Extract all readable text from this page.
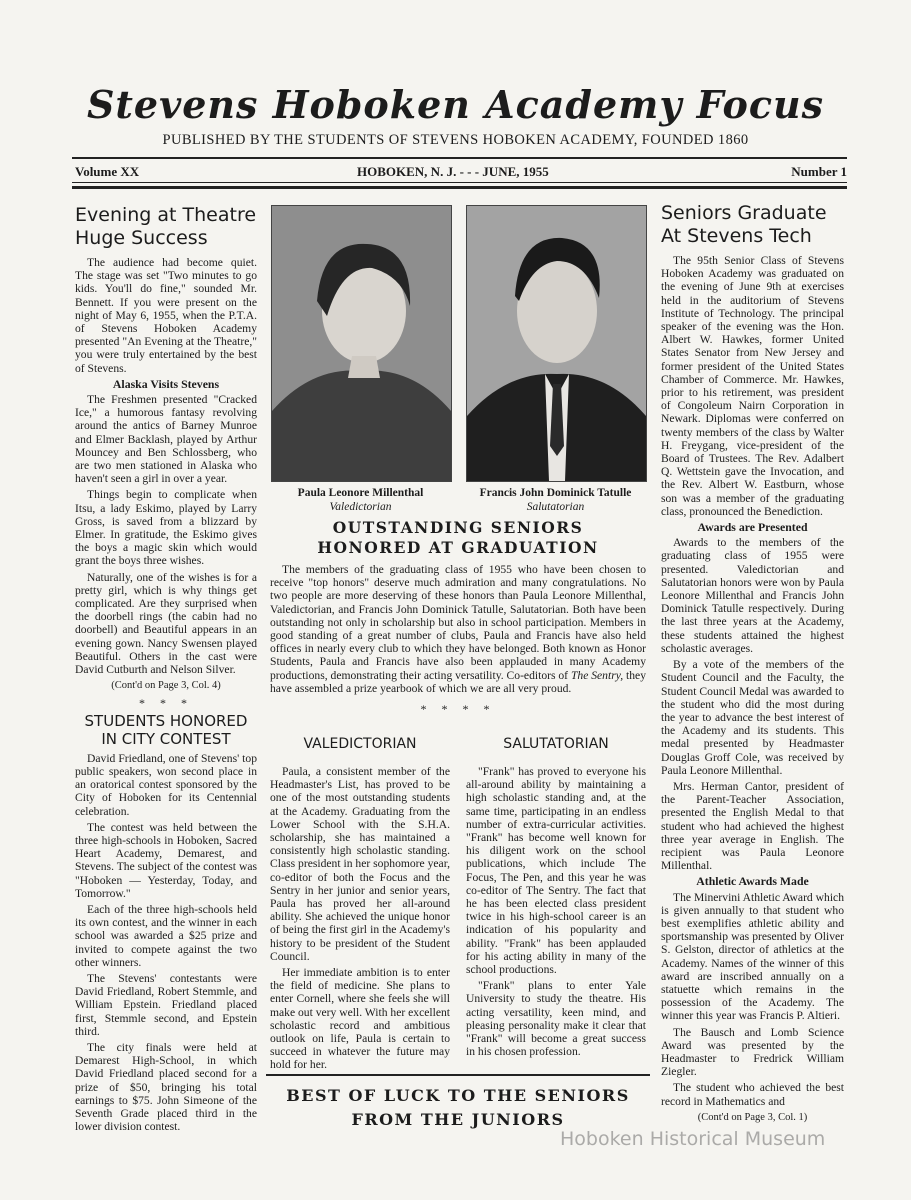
Stevens Hoboken Academy Focus
PUBLISHED BY THE STUDENTS OF STEVENS HOBOKEN ACADEMY, FOUNDED 1860
Volume XX	HOBOKEN, N. J. - - - JUNE, 1955	Number 1
Evening at Theatre
Huge Success

The audience had become quiet. The stage was set "Two minutes to go kids. You'll do fine," sounded Mr. Bennett. If you were present on the night of May 6, 1955, when the P.T.A. of Stevens Hoboken Academy presented "An Evening at the Theatre," you were truly entertained by the best of Stevens.

Alaska Visits Stevens

The Freshmen presented "Cracked Ice," a humorous fantasy revolving around the antics of Barney Munroe and Elmer Backlash, played by Arthur Mouncey and Ben Schlossberg, who are two men stationed in Alaska who haven't seen a girl in over a year.

Things begin to complicate when Itsu, a lady Eskimo, played by Larry Gross, is saved from a blizzard by Elmer. In gratitude, the Eskimo gives the boys a magic skin which would grant the boys three wishes.

Naturally, one of the wishes is for a pretty girl, which is why things get complicated. Are they surprised when the doorbell rings (the cabin had no doorbell) and Beautiful appears in an evening gown. Nancy Swensen played Beautiful. Others in the cast were David Cutburth and Nelson Silver.

(Cont'd on Page 3, Col. 4)
* * *
STUDENTS HONORED
IN CITY CONTEST

David Friedland, one of Stevens' top public speakers, won second place in an oratorical contest sponsored by the City of Hoboken for its Centennial celebration.

The contest was held between the three high-schools in Hoboken, Sacred Heart Academy, Demarest, and Stevens. The subject of the contest was "Hoboken — Yesterday, Today, and Tomorrow."

Each of the three high-schools held its own contest, and the winner in each school was awarded a $25 prize and invited to compete against the two other winners.

The Stevens' contestants were David Friedland, Robert Stemmle, and William Epstein. Friedland placed first, Stemmle second, and Epstein third.

The city finals were held at Demarest High-School, in which David Friedland placed second for a prize of $50, bringing his total earnings to $75. John Simeone of the Seventh Grade placed third in the lower division contest.

Paula Leonore Millenthal
Valedictorian
Francis John Dominick Tatulle
Salutatorian
OUTSTANDING SENIORS
HONORED AT GRADUATION

The members of the graduating class of 1955 who have been chosen to receive "top honors" deserve much admiration and many congratulations. No two people are more deserving of these honors than Paula Leonore Millenthal, Valedictorian, and Francis John Dominick Tatulle, Salutatorian. Both have been outstanding not only in scholarship but also in school participation. Members in good standing of a great number of clubs, Paula and Francis have also held offices in nearly every club to which they have belonged. Both known as Honor Students, Paula and Francis have also been applauded in many Academy productions, demonstrating their acting versatility. Co-editors of The Sentry, they have assembled a prize yearbook of which we are all very proud.

* * * *
VALEDICTORIAN

Paula, a consistent member of the Headmaster's List, has proved to be one of the most outstanding students at the Academy. Graduating from the Lower School with the S.H.A. scholarship, she has maintained a consistently high scholastic standing. Class president in her sophomore year, co-editor of both the Focus and the Sentry in her junior and senior years, Paula has proved her all-around ability. She achieved the unique honor of being the first girl in the Academy's history to be president of the Student Council.

Her immediate ambition is to enter the field of medicine. She plans to enter Cornell, where she feels she will make out very well. With her excellent scholastic record and ambitious outlook on life, Paula is certain to succeed in whatever the future may hold for her.

SALUTATORIAN

"Frank" has proved to everyone his all-around ability by maintaining a high scholastic standing and, at the same time, participating in an endless number of extra-curricular activities. "Frank" has become well known for his diligent work on the school publications, which include The Focus, The Pen, and this year he was co-editor of The Sentry. The fact that he has been elected class president twice in his high-school career is an indication of his popularity and ability. "Frank" has been applauded for his acting ability in many of the school productions.

"Frank" plans to enter Yale University to study the theatre. His acting versatility, keen mind, and pleasing personality make it clear that "Frank" will become a great success in his chosen profession.

BEST OF LUCK TO THE SENIORS
FROM THE JUNIORS
Seniors Graduate
At Stevens Tech

The 95th Senior Class of Stevens Hoboken Academy was graduated on the evening of June 9th at exercises held in the auditorium of Stevens Institute of Technology. The principal speaker of the evening was the Hon. Albert W. Hawkes, former United States Senator from New Jersey and former president of the United States Chamber of Commerce. Mr. Hawkes, prior to his retirement, was president of Congoleum Nairn Corporation in Newark. Diplomas were conferred on twenty members of the class by Walter H. Freygang, vice-president of the Board of Trustees. The Rev. Adalbert Q. Wettstein gave the Invocation, and the Rev. Albert W. Eastburn, whose son was a member of the graduating class, pronounced the Benediction.

Awards are Presented

Awards to the members of the graduating class of 1955 were presented. Valedictorian and Salutatorian honors were won by Paula Leonore Millenthal and Francis John Dominick Tatulle respectively. During the last three years at the Academy, these students attained the highest scholastic averages.

By a vote of the members of the Student Council and the Faculty, the Student Council Medal was awarded to the student who did the most during the year to advance the best interest of the Academy and its students. This medal presented by Headmaster Douglas Groff Cole, was received by Paula Leonore Millenthal.

Mrs. Herman Cantor, president of the Parent-Teacher Association, presented the English Medal to that student who had achieved the highest three year average in English. The recipient was Paula Leonore Millenthal.

Athletic Awards Made

The Minervini Athletic Award which is given annually to that student who best exemplifies athletic ability and sportsmanship was presented by Oliver S. Gelston, director of athletics at the Academy. Names of the winner of this award are inscribed annually on a statuette which remains in the possession of the Academy. The winner this year was Francis P. Altieri.

The Bausch and Lomb Science Award was presented by the Headmaster to Fredrick William Ziegler.

The student who achieved the best record in Mathematics and

(Cont'd on Page 3, Col. 1)
Hoboken Historical Museum
